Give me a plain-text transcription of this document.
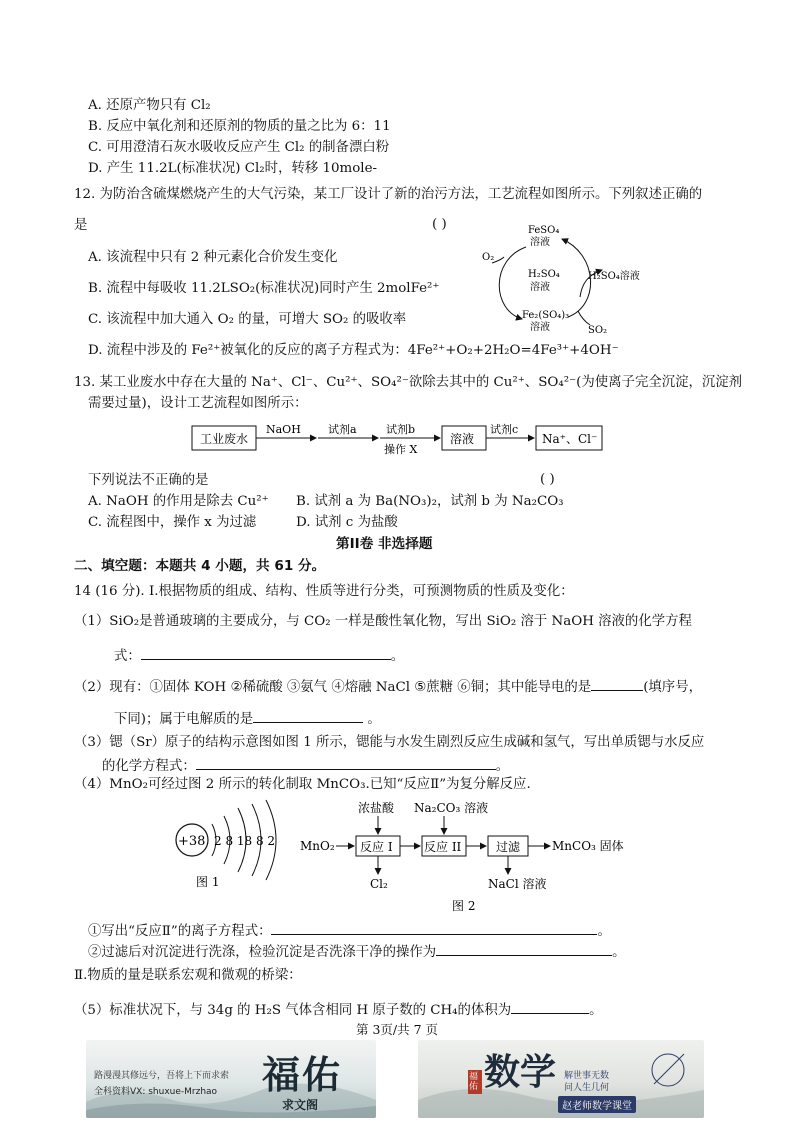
A. 还原产物只有 Cl₂
B. 反应中氧化剂和还原剂的物质的量之比为 6：11
C. 可用澄清石灰水吸收反应产生 Cl₂ 的制备漂白粉
D. 产生 11.2L(标准状况) Cl₂时，转移 10mole-
12. 为防治含硫煤燃烧产生的大气污染，某工厂设计了新的治污方法，工艺流程如图所示。下列叙述正确的
是	( )
A. 该流程中只有 2 种元素化合价发生变化
B. 流程中每吸收 11.2LSO₂(标准状况)同时产生 2molFe²⁺
C. 该流程中加大通入 O₂ 的量，可增大 SO₂ 的吸收率
D. 流程中涉及的 Fe²⁺被氧化的反应的离子方程式为：4Fe²⁺+O₂+2H₂O=4Fe³⁺+4OH⁻
FeSO₄
溶液
O₂
H₂SO₄
溶液
H₂SO₄溶液
Fe₂(SO₄)₃
溶液	SO₂
13. 某工业废水中存在大量的 Na⁺、Cl⁻、Cu²⁺、SO₄²⁻欲除去其中的 Cu²⁺、SO₄²⁻(为使离子完全沉淀，沉淀剂
需要过量)，设计工艺流程如图所示：
工业废水
NaOH 试剂a	试剂b
操作 X
溶液
试剂c
Na⁺、Cl⁻
下列说法不正确的是	( )
A. NaOH 的作用是除去 Cu²⁺ B. 试剂 a 为 Ba(NO₃)₂，试剂 b 为 Na₂CO₃
C. 流程图中，操作 x 为过滤	D. 试剂 c 为盐酸
第II卷 非选择题
二、填空题：本题共 4 小题，共 61 分。
14 (16 分). Ⅰ.根据物质的组成、结构、性质等进行分类，可预测物质的性质及变化：
（1）SiO₂是普通玻璃的主要成分，与 CO₂ 一样是酸性氧化物，写出 SiO₂ 溶于 NaOH 溶液的化学方程
式：	。
（2）现有：①固体 KOH ②稀硫酸 ③氨气 ④熔融 NaCl ⑤蔗糖 ⑥铜；其中能导电的是	(填序号，
下同)；属于电解质的是	。
（3）锶（Sr）原子的结构示意图如图 1 所示，锶能与水发生剧烈反应生成碱和氢气，写出单质锶与水反应
的化学方程式：	。
（4）MnO₂可经过图 2 所示的转化制取 MnCO₃.已知“反应Ⅱ”为复分解反应.
+38 2 8 18 8 2
图 1
浓盐酸 Na₂CO₃ 溶液
MnO₂ 反应 I	反应 II	过滤	MnCO₃ 固体
Cl₂	NaCl 溶液
图 2
①写出“反应Ⅱ”的离子方程式：	。
②过滤后对沉淀进行洗涤，检验沉淀是否洗涤干净的操作为	。
Ⅱ.物质的量是联系宏观和微观的桥梁：
（5）标准状况下，与 34g 的 H₂S 气体含相同 H 原子数的 CH₄的体积为	。
第 3页/共 7 页
路漫漫其修远兮，吾将上下而求索
全科资料VX: shuxue-Mrzhao 福佑
求文阁
福佑 数学 解世事无数
问人生几何
赵老师数学课堂
